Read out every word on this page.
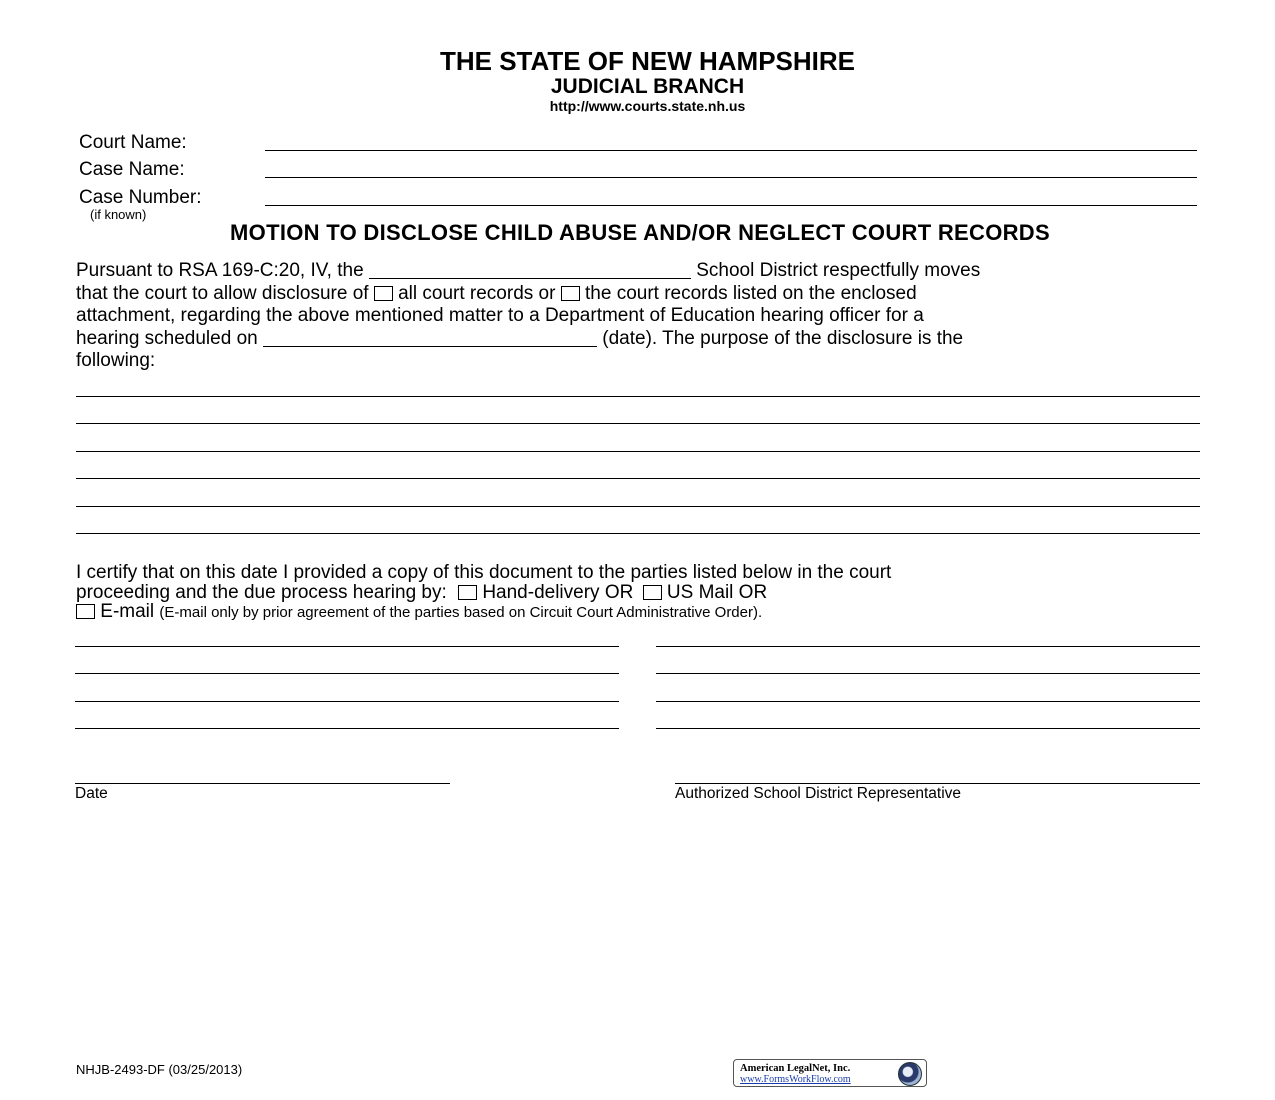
THE STATE OF NEW HAMPSHIRE
JUDICIAL BRANCH
http://www.courts.state.nh.us
Court Name:
Case Name:
Case Number:
(if known)
MOTION TO DISCLOSE CHILD ABUSE AND/OR NEGLECT COURT RECORDS
Pursuant to RSA 169-C:20, IV, the	School District respectfully moves
that the court to allow disclosure of all court records or the court records listed on the enclosed
attachment, regarding the above mentioned matter to a Department of Education hearing officer for a
hearing scheduled on	(date). The purpose of the disclosure is the
following:
I certify that on this date I provided a copy of this document to the parties listed below in the court
proceeding and the due process hearing by: Hand-delivery OR US Mail OR
E-mail (E-mail only by prior agreement of the parties based on Circuit Court Administrative Order).
Date	Authorized School District Representative
NHJB-2493-DF (03/25/2013)	American LegalNet, Inc.
www.FormsWorkFlow.com
